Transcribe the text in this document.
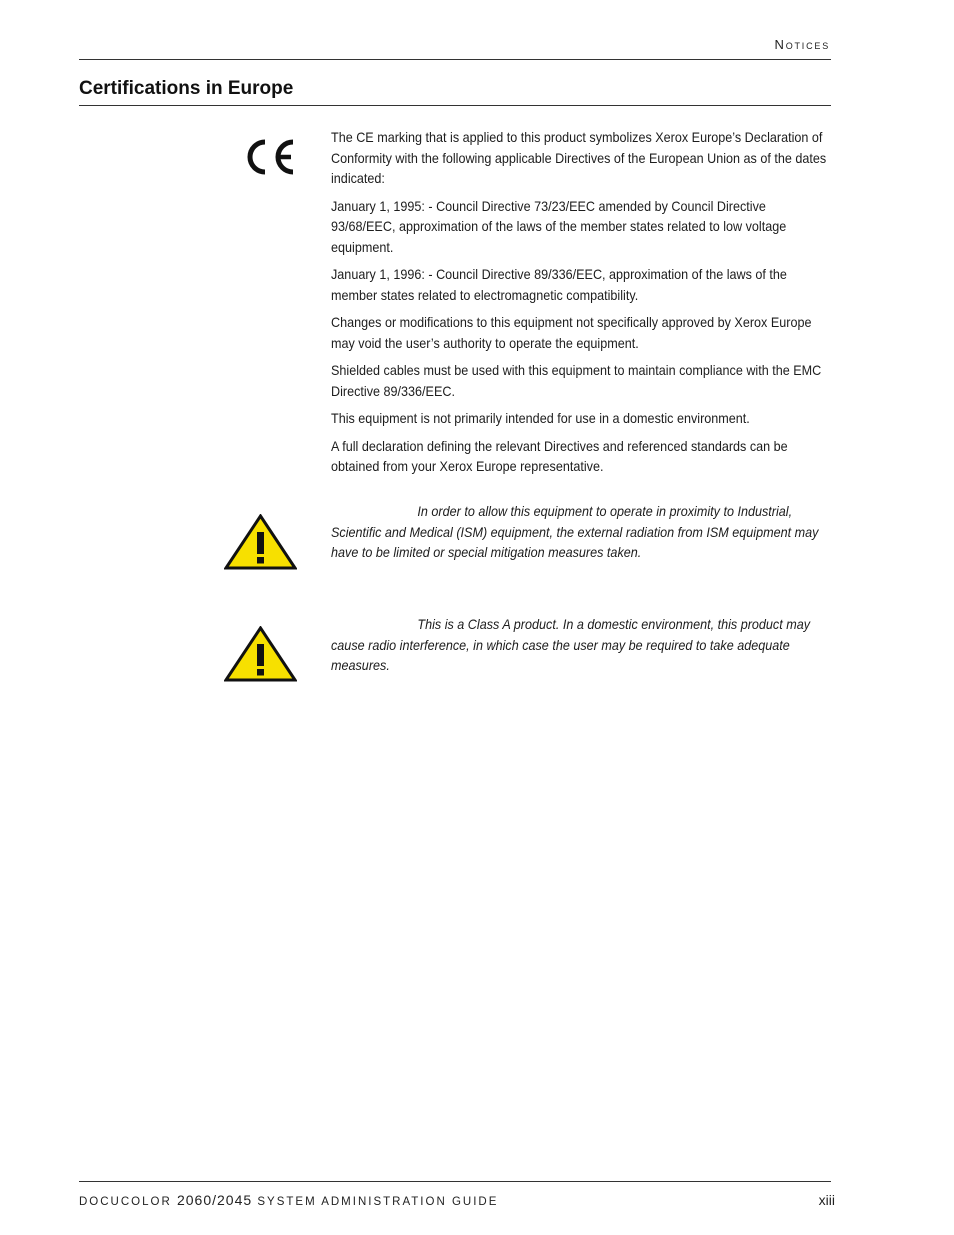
Notices
Certifications in Europe

The CE marking that is applied to this product symbolizes Xerox Europe’s Declaration of Conformity with the following applicable Directives of the European Union as of the dates indicated:

January 1, 1995: - Council Directive 73/23/EEC amended by Council Directive 93/68/EEC, approximation of the laws of the member states related to low voltage equipment.

January 1, 1996: - Council Directive 89/336/EEC, approximation of the laws of the member states related to electromagnetic compatibility.

Changes or modifications to this equipment not specifically approved by Xerox Europe may void the user’s authority to operate the equipment.

Shielded cables must be used with this equipment to maintain compliance with the EMC Directive 89/336/EEC.

This equipment is not primarily intended for use in a domestic environment.

A full declaration defining the relevant Directives and referenced standards can be obtained from your Xerox Europe representative.

In order to allow this equipment to operate in proximity to Industrial, Scientific and Medical (ISM) equipment, the external radiation from ISM equipment may have to be limited or special mitigation measures taken.

This is a Class A product. In a domestic environment, this product may cause radio interference, in which case the user may be required to take adequate measures.

DOCUCOLOR 2060/2045 SYSTEM ADMINISTRATION GUIDE	xiii
